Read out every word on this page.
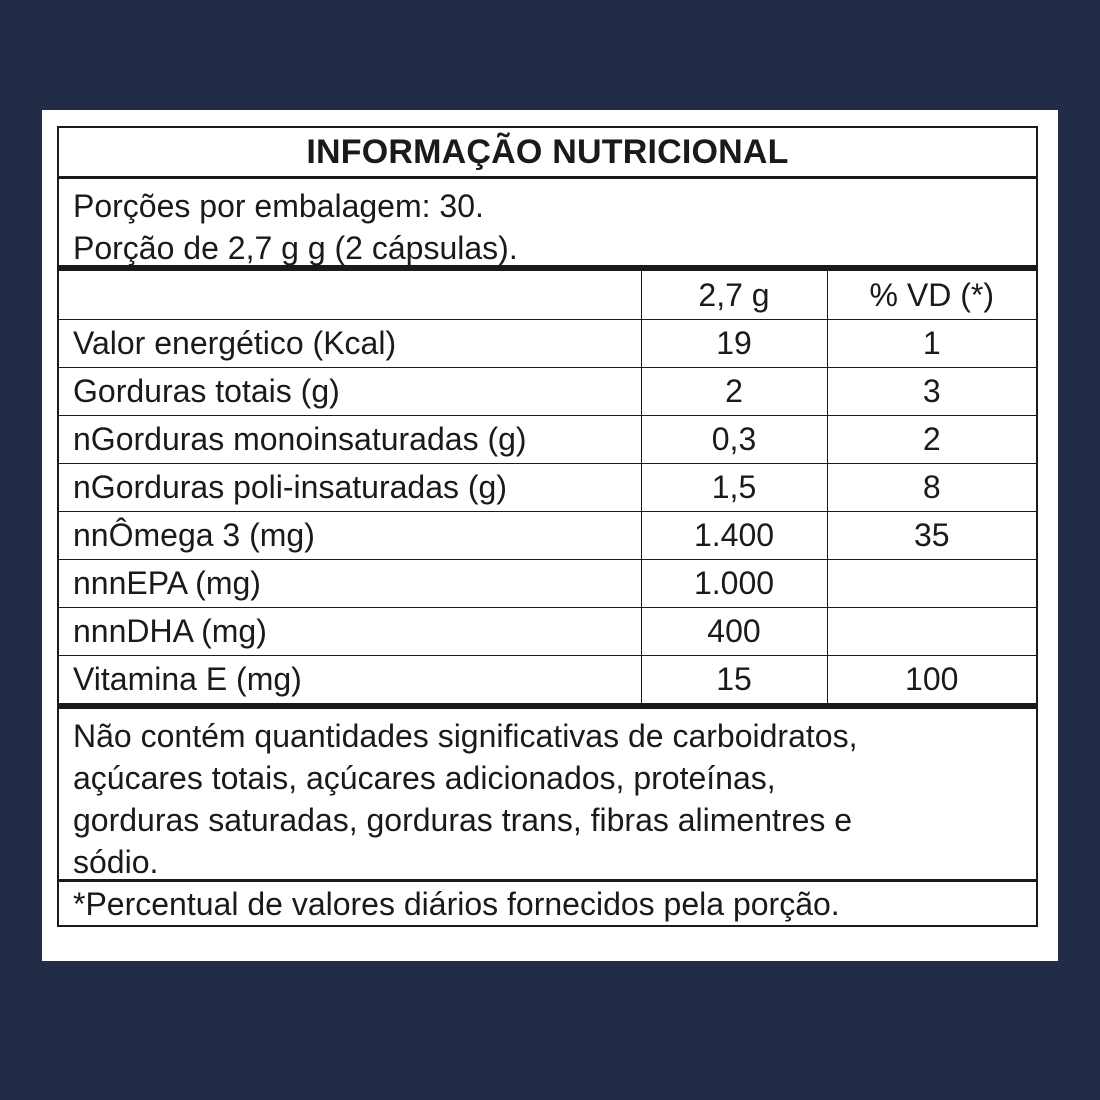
INFORMAÇÃO NUTRICIONAL
Porções por embalagem: 30.
Porção de 2,7 g g (2 cápsulas).
	2,7 g	% VD (*)
Valor energético (Kcal)	19	1
Gorduras totais (g)	2	3
nGorduras monoinsaturadas (g)	0,3	2
nGorduras poli-insaturadas (g)	1,5	8
nnÔmega 3 (mg)	1.400	35
nnnEPA (mg)	1.000	
nnnDHA (mg)	400	
Vitamina E (mg)	15	100
Não contém quantidades significativas de carboidratos,
açúcares totais, açúcares adicionados, proteínas,
gorduras saturadas, gorduras trans, fibras alimentres e
sódio.
*Percentual de valores diários fornecidos pela porção.
